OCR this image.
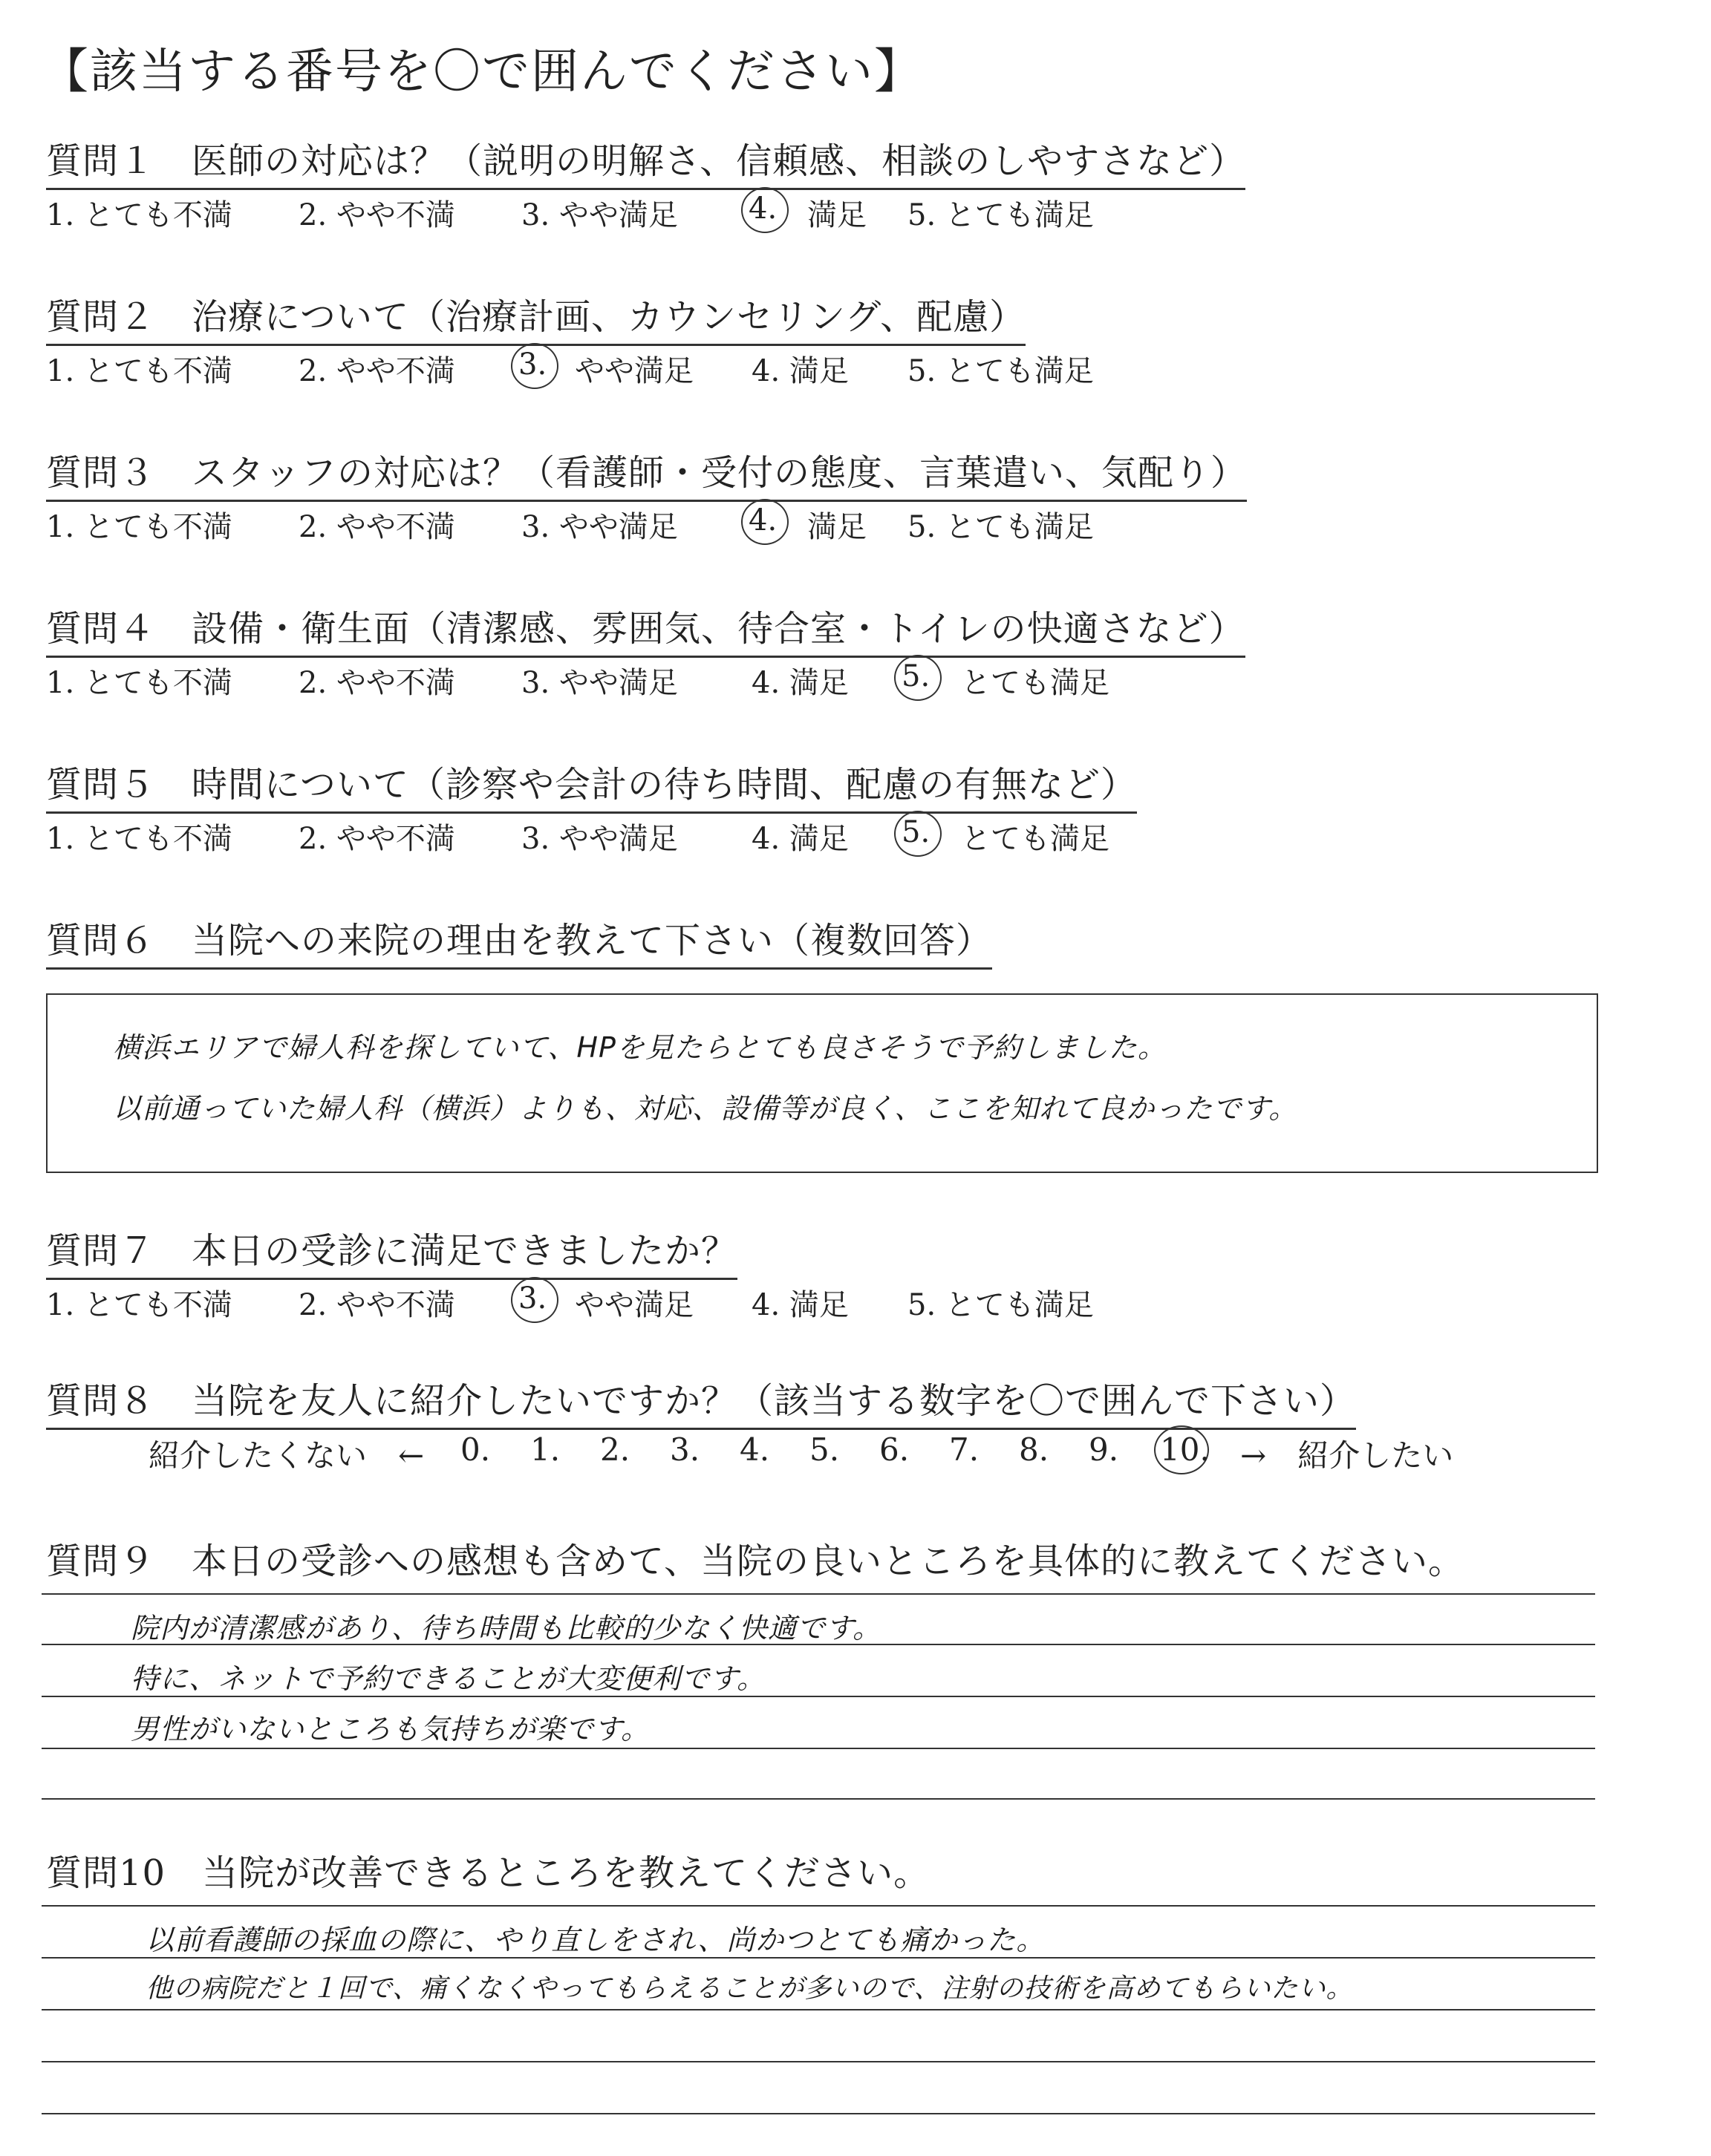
【該当する番号を〇で囲んでください】
質問１　医師の対応は？（説明の明解さ、信頼感、相談のしやすさなど）
1. とても不満 2. やや不満 3. やや満足 4. 満足 5. とても満足
質問２　治療について（治療計画、カウンセリング、配慮）
1. とても不満 2. やや不満 3. やや満足 4. 満足 5. とても満足
質問３　スタッフの対応は？（看護師・受付の態度、言葉遣い、気配り）
1. とても不満 2. やや不満 3. やや満足 4. 満足 5. とても満足
質問４　設備・衛生面（清潔感、雰囲気、待合室・トイレの快適さなど）
1. とても不満 2. やや不満 3. やや満足 4. 満足 5. とても満足
質問５　時間について（診察や会計の待ち時間、配慮の有無など）
1. とても不満 2. やや不満 3. やや満足 4. 満足 5. とても満足
質問６　当院への来院の理由を教えて下さい（複数回答）
横浜エリアで婦人科を探していて、HPを見たらとても良さそうで予約しました。
以前通っていた婦人科（横浜）よりも、対応、設備等が良く、ここを知れて良かったです。
質問７　本日の受診に満足できましたか？
1. とても不満 2. やや不満 3. やや満足 4. 満足 5. とても満足
質問８　当院を友人に紹介したいですか？（該当する数字を〇で囲んで下さい）
紹介したくない　← 0. 1. 2. 3. 4. 5. 6. 7. 8. 9. 10. →　紹介したい
質問９　本日の受診への感想も含めて、当院の良いところを具体的に教えてください。
院内が清潔感があり、待ち時間も比較的少なく快適です。
特に、ネットで予約できることが大変便利です。
男性がいないところも気持ちが楽です。
質問10　当院が改善できるところを教えてください。
以前看護師の採血の際に、やり直しをされ、尚かつとても痛かった。
他の病院だと１回で、痛くなくやってもらえることが多いので、注射の技術を高めてもらいたい。
